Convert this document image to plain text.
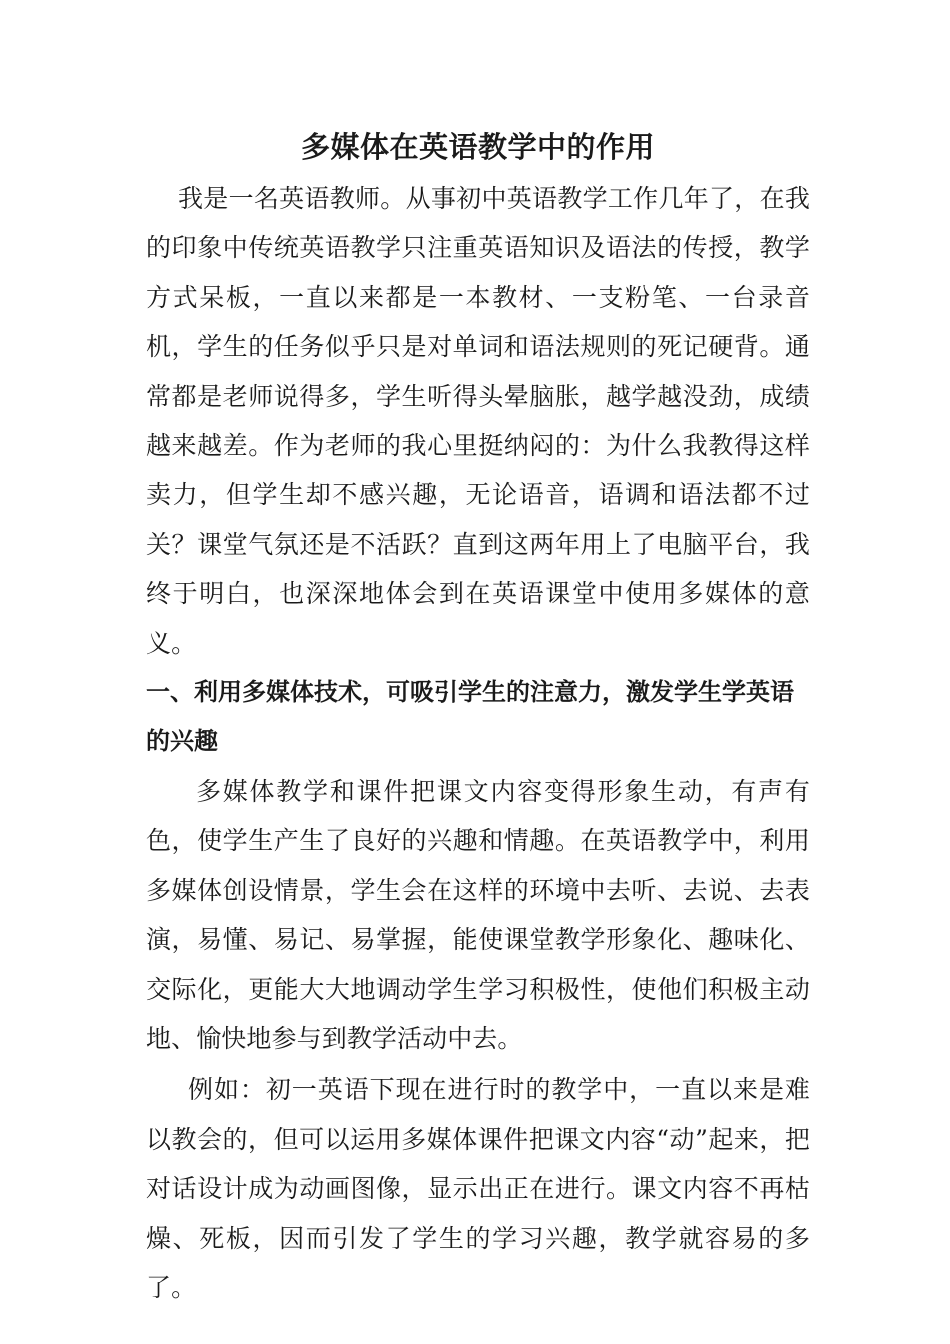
多媒体在英语教学中的作用

我是一名英语教师。从事初中英语教学工作几年了，在我的印象中传统英语教学只注重英语知识及语法的传授，教学方式呆板，一直以来都是一本教材、一支粉笔、一台录音机，学生的任务似乎只是对单词和语法规则的死记硬背。通常都是老师说得多，学生听得头晕脑胀，越学越没劲，成绩越来越差。作为老师的我心里挺纳闷的：为什么我教得这样卖力，但学生却不感兴趣，无论语音，语调和语法都不过关？课堂气氛还是不活跃？直到这两年用上了电脑平台，我终于明白，也深深地体会到在英语课堂中使用多媒体的意义。

一、利用多媒体技术，可吸引学生的注意力，激发学生学英语的兴趣

多媒体教学和课件把课文内容变得形象生动，有声有色，使学生产生了良好的兴趣和情趣。在英语教学中，利用多媒体创设情景，学生会在这样的环境中去听、去说、去表演，易懂、易记、易掌握，能使课堂教学形象化、趣味化、交际化，更能大大地调动学生学习积极性，使他们积极主动地、愉快地参与到教学活动中去。

例如：初一英语下现在进行时的教学中，一直以来是难以教会的，但可以运用多媒体课件把课文内容“动”起来，把对话设计成为动画图像，显示出正在进行。课文内容不再枯燥、死板，因而引发了学生的学习兴趣，教学就容易的多了。
